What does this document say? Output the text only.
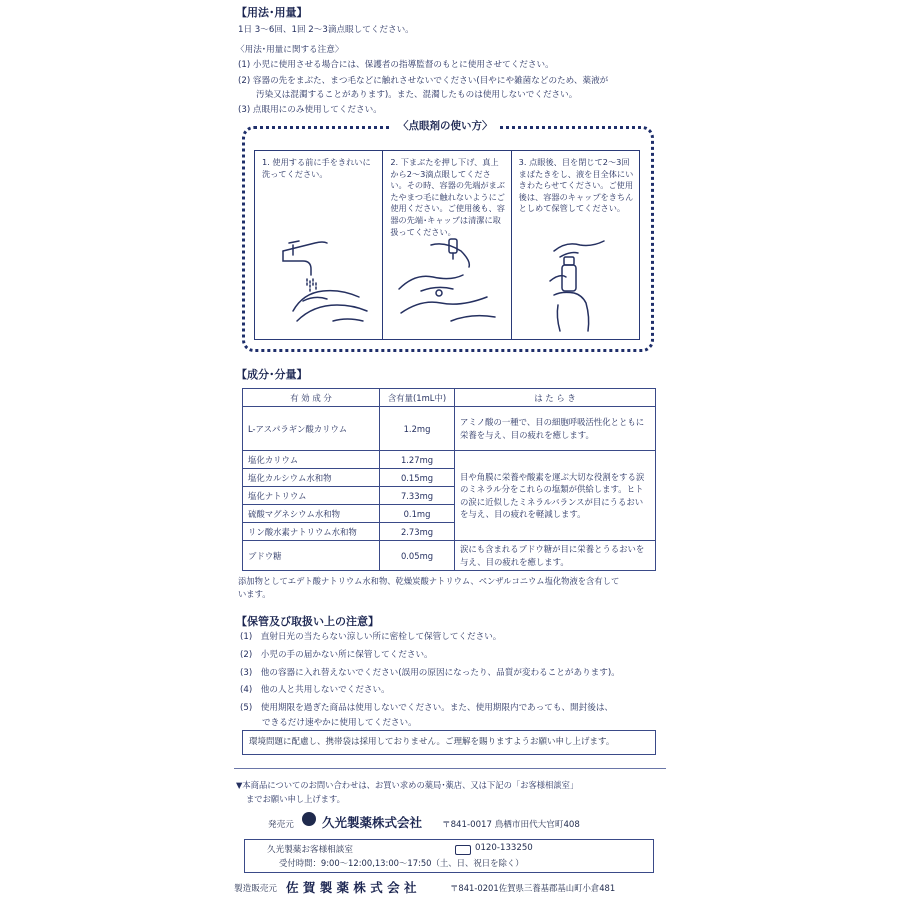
【用法･用量】
1日 3～6回、1回 2～3滴点眼してください。
〈用法･用量に関する注意〉
(1) 小児に使用させる場合には、保護者の指導監督のもとに使用させてください。
(2) 容器の先をまぶた、まつ毛などに触れさせないでください(目やにや雑菌などのため、薬液が
汚染又は混濁することがあります)。また、混濁したものは使用しないでください。
(3) 点眼用にのみ使用してください。
〈点眼剤の使い方〉
1. 使用する前に手をきれいに洗ってください。
2. 下まぶたを押し下げ、真上から2～3滴点眼してください。その時、容器の先端がまぶたやまつ毛に触れないようにご使用ください。ご使用後も、容器の先端･キャップは清潔に取扱ってください。
3. 点眼後、目を閉じて2～3回まばたきをし、液を目全体にいきわたらせてください。ご使用後は、容器のキャップをきちんとしめて保管してください。
【成分･分量】
有 効 成 分	含有量(1mL中)	は た ら き
L-アスパラギン酸カリウム	1.2mg	アミノ酸の一種で、目の細胞呼吸活性化とともに栄養を与え、目の疲れを癒します。
塩化カリウム	1.27mg	目や角膜に栄養や酸素を運ぶ大切な役割をする涙のミネラル分をこれらの塩類が供給します。ヒトの涙に近似したミネラルバランスが目にうるおいを与え、目の疲れを軽減します。
塩化カルシウム水和物	0.15mg	
塩化ナトリウム	7.33mg	
硫酸マグネシウム水和物	0.1mg	
リン酸水素ナトリウム水和物	2.73mg	
ブドウ糖	0.05mg	涙にも含まれるブドウ糖が目に栄養とうるおいを与え、目の疲れを癒します。
添加物としてエデト酸ナトリウム水和物、乾燥炭酸ナトリウム、ベンザルコニウム塩化物液を含有して
います。
【保管及び取扱い上の注意】
(1)　直射日光の当たらない涼しい所に密栓して保管してください。
(2)　小児の手の届かない所に保管してください。
(3)　他の容器に入れ替えないでください(誤用の原因になったり、品質が変わることがあります)。
(4)　他の人と共用しないでください。
(5)　使用期限を過ぎた商品は使用しないでください。また、使用期限内であっても、開封後は、
できるだけ速やかに使用してください。
環境問題に配慮し、携帯袋は採用しておりません。ご理解を賜りますようお願い申し上げます。
▼本商品についてのお問い合わせは、お買い求めの薬局･薬店、又は下記の「お客様相談室」
までお願い申し上げます。
発売元 久光製薬株式会社 〒841-0017 鳥栖市田代大官町408
久光製薬お客様相談室	0120-133250
受付時間：9:00～12:00,13:00～17:50（土、日、祝日を除く）
製造販売元 佐 賀 製 薬 株 式 会 社	〒841-0201佐賀県三養基郡基山町小倉481
